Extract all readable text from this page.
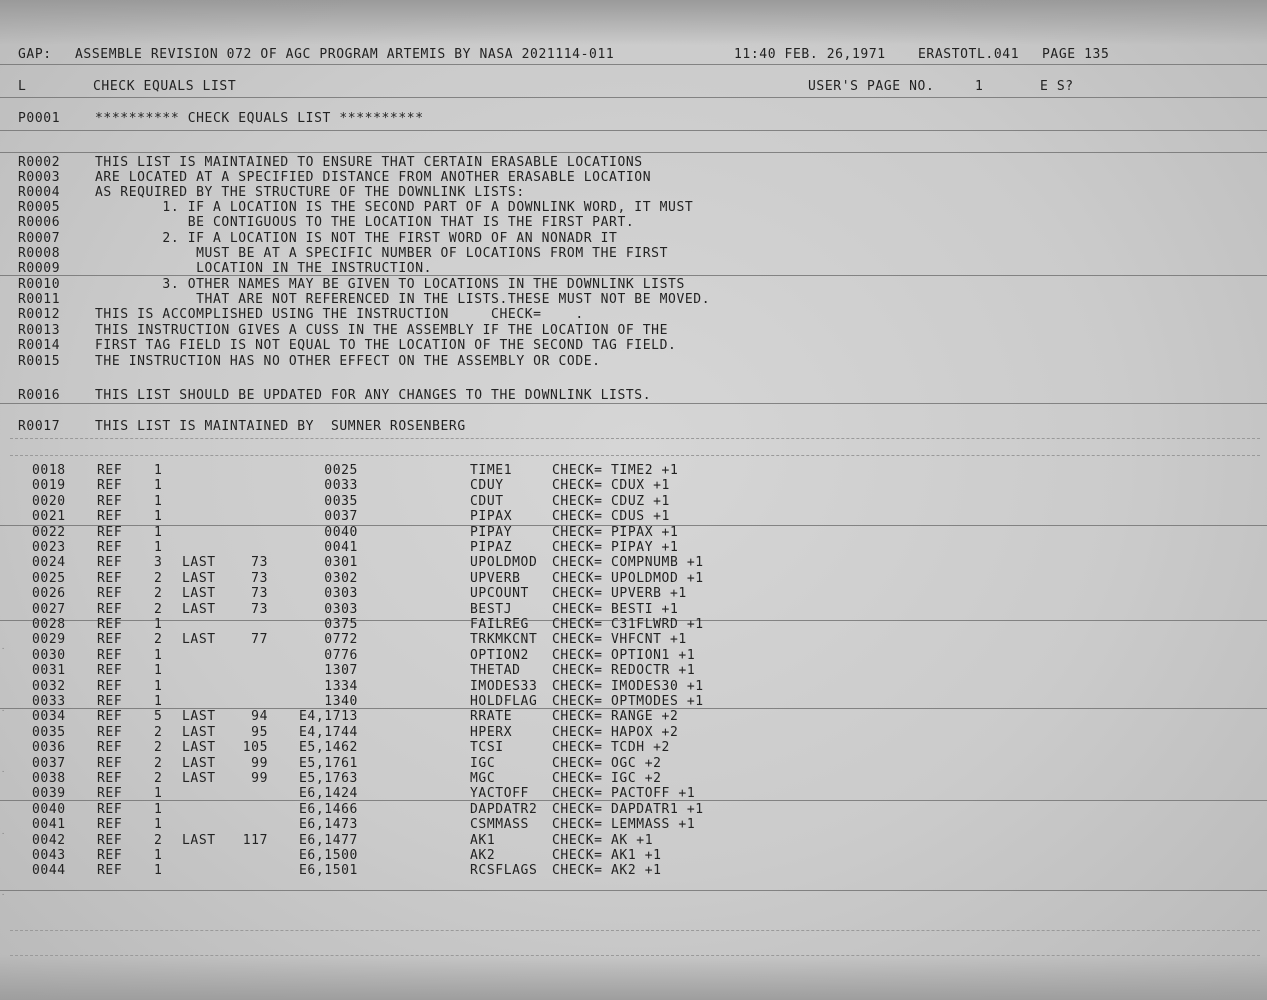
·
·
·
·
·
GAP: ASSEMBLE REVISION 072 OF AGC PROGRAM ARTEMIS BY NASA 2021114-011	11:40 FEB. 26,1971 ERASTOTL.041 PAGE 135
L	CHECK EQUALS LIST	USER'S PAGE NO.	1	E S?
P0001	********** CHECK EQUALS LIST **********
R0002	THIS LIST IS MAINTAINED TO ENSURE THAT CERTAIN ERASABLE LOCATIONS
R0003	ARE LOCATED AT A SPECIFIED DISTANCE FROM ANOTHER ERASABLE LOCATION
R0004	AS REQUIRED BY THE STRUCTURE OF THE DOWNLINK LISTS:
R0005	1. IF A LOCATION IS THE SECOND PART OF A DOWNLINK WORD, IT MUST
R0006	BE CONTIGUOUS TO THE LOCATION THAT IS THE FIRST PART.
R0007	2. IF A LOCATION IS NOT THE FIRST WORD OF AN NONADR IT
R0008	MUST BE AT A SPECIFIC NUMBER OF LOCATIONS FROM THE FIRST
R0009	LOCATION IN THE INSTRUCTION.
R0010	3. OTHER NAMES MAY BE GIVEN TO LOCATIONS IN THE DOWNLINK LISTS
R0011	THAT ARE NOT REFERENCED IN THE LISTS.THESE MUST NOT BE MOVED.
R0012	THIS IS ACCOMPLISHED USING THE INSTRUCTION     CHECK=    .
R0013	THIS INSTRUCTION GIVES A CUSS IN THE ASSEMBLY IF THE LOCATION OF THE
R0014	FIRST TAG FIELD IS NOT EQUAL TO THE LOCATION OF THE SECOND TAG FIELD.
R0015	THE INSTRUCTION HAS NO OTHER EFFECT ON THE ASSEMBLY OR CODE.
R0016	THIS LIST SHOULD BE UPDATED FOR ANY CHANGES TO THE DOWNLINK LISTS.
R0017	THIS LIST IS MAINTAINED BY  SUMNER ROSENBERG
0018 REF 1	0025	TIME1	CHECK= TIME2 +1
0019 REF 1	0033	CDUY	CHECK= CDUX +1
0020 REF 1	0035	CDUT	CHECK= CDUZ +1
0021 REF 1	0037	PIPAX	CHECK= CDUS +1
0022 REF 1	0040	PIPAY	CHECK= PIPAX +1
0023 REF 1	0041	PIPAZ	CHECK= PIPAY +1
0024 REF 3 LAST	73	0301	UPOLDMOD CHECK= COMPNUMB +1
0025 REF 2 LAST	73	0302	UPVERB CHECK= UPOLDMOD +1
0026 REF 2 LAST	73	0303	UPCOUNT CHECK= UPVERB +1
0027 REF 2 LAST	73	0303	BESTJ	CHECK= BESTI +1
0028 REF 1	0375	FAILREG CHECK= C31FLWRD +1
0029 REF 2 LAST	77	0772	TRKMKCNT CHECK= VHFCNT +1
0030 REF 1	0776	OPTION2 CHECK= OPTION1 +1
0031 REF 1	1307	THETAD CHECK= REDOCTR +1
0032 REF 1	1334	IMODES33 CHECK= IMODES30 +1
0033 REF 1	1340	HOLDFLAG CHECK= OPTMODES +1
0034 REF 5 LAST	94	E4,1713	RRATE	CHECK= RANGE +2
0035 REF 2 LAST	95	E4,1744	HPERX	CHECK= HAPOX +2
0036 REF 2 LAST 105	E5,1462	TCSI	CHECK= TCDH +2
0037 REF 2 LAST	99	E5,1761	IGC	CHECK= OGC +2
0038 REF 2 LAST	99	E5,1763	MGC	CHECK= IGC +2
0039 REF 1	E6,1424	YACTOFF CHECK= PACTOFF +1
0040 REF 1	E6,1466	DAPDATR2 CHECK= DAPDATR1 +1
0041 REF 1	E6,1473	CSMMASS CHECK= LEMMASS +1
0042 REF 2 LAST 117	E6,1477	AK1	CHECK= AK +1
0043 REF 1	E6,1500	AK2	CHECK= AK1 +1
0044 REF 1	E6,1501	RCSFLAGS CHECK= AK2 +1
